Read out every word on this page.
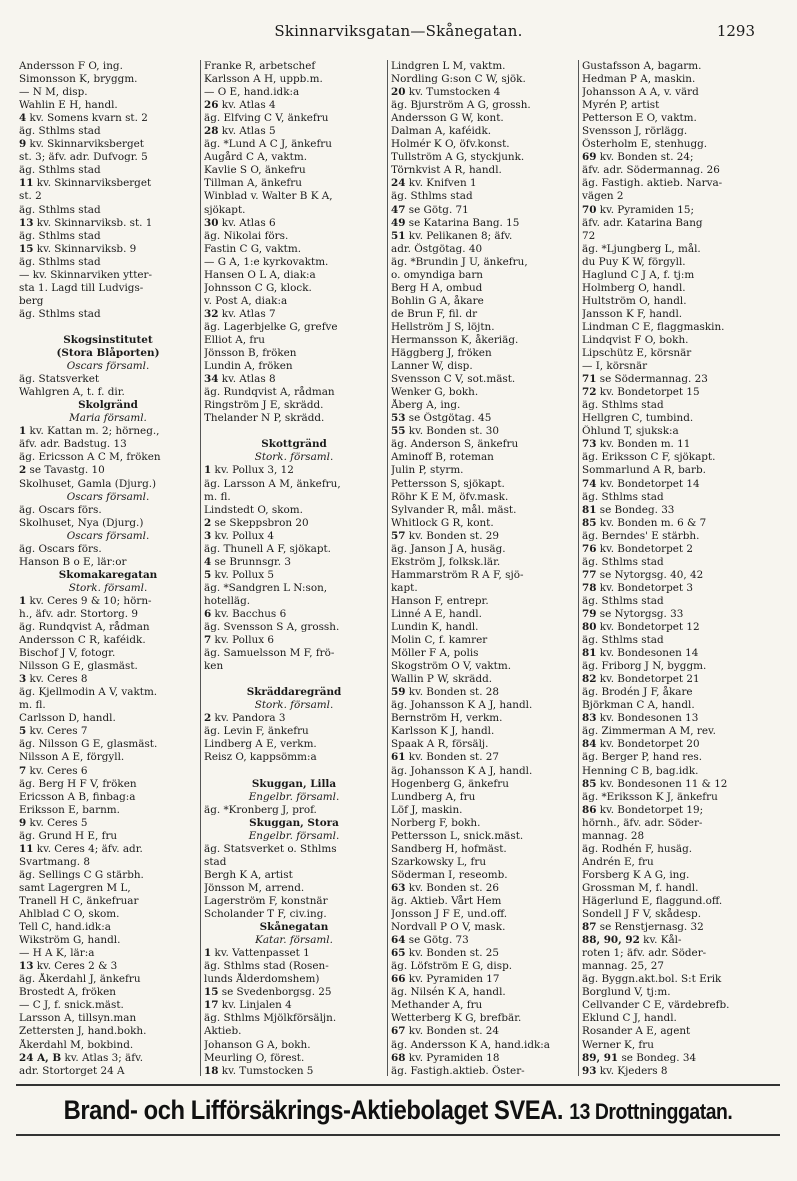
Skinnarviksgatan—Skånegatan.	1293
Andersson F O, ing.
Simonsson K, bryggm.
— N M, disp.
Wahlin E H, handl.
4 kv. Somens kvarn st. 2
äg. Sthlms stad
9 kv. Skinnarviksberget
st. 3; äfv. adr. Dufvogr. 5
äg. Sthlms stad
11 kv. Skinnarviksberget
st. 2
äg. Sthlms stad
13 kv. Skinnarviksb. st. 1
äg. Sthlms stad
15 kv. Skinnarviksb. 9
äg. Sthlms stad
— kv. Skinnarviken ytter-
sta 1. Lagd till Ludvigs-
berg
äg. Sthlms stad
Skogsinstitutet
(Stora Blåporten)
Oscars församl.
äg. Statsverket
Wahlgren A, t. f. dir.
Skolgränd
Maria församl.
1 kv. Kattan m. 2; hörneg.,
äfv. adr. Badstug. 13
äg. Ericsson A C M, fröken
2 se Tavastg. 10
Skolhuset, Gamla (Djurg.)
Oscars församl.
äg. Oscars förs.
Skolhuset, Nya (Djurg.)
Oscars församl.
äg. Oscars förs.
Hanson B o E, lär:or
Skomakaregatan
Stork. församl.
1 kv. Ceres 9 & 10; hörn-
h., äfv. adr. Stortorg. 9
äg. Rundqvist A, rådman
Andersson C R, kaféidk.
Bischof J V, fotogr.
Nilsson G E, glasmäst.
3 kv. Ceres 8
äg. Kjellmodin A V, vaktm.
m. fl.
Carlsson D, handl.
5 kv. Ceres 7
äg. Nilsson G E, glasmäst.
Nilsson A E, förgyll.
7 kv. Ceres 6
äg. Berg H F V, fröken
Ericsson A B, finbag:a
Eriksson E, barnm.
9 kv. Ceres 5
äg. Grund H E, fru
11 kv. Ceres 4; äfv. adr.
Svartmang. 8
äg. Sellings C G stärbh.
samt Lagergren M L,
Tranell H C, änkefruar
Ahlblad C O, skom.
Tell C, hand.idk:a
Wikström G, handl.
— H A K, lär:a
13 kv. Ceres 2 & 3
äg. Åkerdahl J, änkefru
Brostedt A, fröken
— C J, f. snick.mäst.
Larsson A, tillsyn.man
Zettersten J, hand.bokh.
Åkerdahl M, bokbind.
24 A, B kv. Atlas 3; äfv.
adr. Stortorget 24 A
Franke R, arbetschef
Karlsson A H, uppb.m.
— O E, hand.idk:a
26 kv. Atlas 4
äg. Elfving C V, änkefru
28 kv. Atlas 5
äg. *Lund A C J, änkefru
Augård C A, vaktm.
Kavlie S O, änkefru
Tillman A, änkefru
Winblad v. Walter B K A,
sjökapt.
30 kv. Atlas 6
äg. Nikolai förs.
Fastin C G, vaktm.
— G A, 1:e kyrkovaktm.
Hansen O L A, diak:a
Johnsson C G, klock.
v. Post A, diak:a
32 kv. Atlas 7
äg. Lagerbjelke G, grefve
Elliot A, fru
Jönsson B, fröken
Lundin A, fröken
34 kv. Atlas 8
äg. Rundqvist A, rådman
Ringström J E, skrädd.
Thelander N P, skrädd.
Skottgränd
Stork. församl.
1 kv. Pollux 3, 12
äg. Larsson A M, änkefru,
m. fl.
Lindstedt O, skom.
2 se Skeppsbron 20
3 kv. Pollux 4
äg. Thunell A F, sjökapt.
4 se Brunnsgr. 3
5 kv. Pollux 5
äg. *Sandgren L N:son,
hotelläg.
6 kv. Bacchus 6
äg. Svensson S A, grossh.
7 kv. Pollux 6
äg. Samuelsson M F, frö-
ken
Skräddaregränd
Stork. församl.
2 kv. Pandora 3
äg. Levin F, änkefru
Lindberg A E, verkm.
Reisz O, kappsömm:a
Skuggan, Lilla
Engelbr. församl.
äg. *Kronberg J, prof.
Skuggan, Stora
Engelbr. församl.
äg. Statsverket o. Sthlms
stad
Bergh K A, artist
Jönsson M, arrend.
Lagerström F, konstnär
Scholander T F, civ.ing.
Skånegatan
Katar. församl.
1 kv. Vattenpasset 1
äg. Sthlms stad (Rosen-
lunds Ålderdomshem)
15 se Svedenborgsg. 25
17 kv. Linjalen 4
äg. Sthlms Mjölkförsäljn.
Aktieb.
Johanson G A, bokh.
Meurling O, förest.
18 kv. Tumstocken 5
Lindgren L M, vaktm.
Nordling G:son C W, sjök.
20 kv. Tumstocken 4
äg. Bjurström A G, grossh.
Andersson G W, kont.
Dalman A, kaféidk.
Holmér K O, öfv.konst.
Tullström A G, styckjunk.
Törnkvist A R, handl.
24 kv. Knifven 1
äg. Sthlms stad
47 se Götg. 71
49 se Katarina Bang. 15
51 kv. Pelikanen 8; äfv.
adr. Östgötag. 40
äg. *Brundin J U, änkefru,
o. omyndiga barn
Berg H A, ombud
Bohlin G A, åkare
de Brun F, fil. dr
Hellström J S, löjtn.
Hermansson K, åkeriäg.
Häggberg J, fröken
Lanner W, disp.
Svensson C V, sot.mäst.
Wenker G, bokh.
Åberg A, ing.
53 se Östgötag. 45
55 kv. Bonden st. 30
äg. Anderson S, änkefru
Aminoff B, roteman
Julin P, styrm.
Pettersson S, sjökapt.
Röhr K E M, öfv.mask.
Sylvander R, mål. mäst.
Whitlock G R, kont.
57 kv. Bonden st. 29
äg. Janson J A, husäg.
Ekström J, folksk.lär.
Hammarström R A F, sjö-
kapt.
Hanson F, entrepr.
Linné A E, handl.
Lundin K, handl.
Molin C, f. kamrer
Möller F A, polis
Skogström O V, vaktm.
Wallin P W, skrädd.
59 kv. Bonden st. 28
äg. Johansson K A J, handl.
Bernström H, verkm.
Karlsson K J, handl.
Spaak A R, försälj.
61 kv. Bonden st. 27
äg. Johansson K A J, handl.
Hogenberg G, änkefru
Lundberg A, fru
Löf J, maskin.
Norberg F, bokh.
Pettersson L, snick.mäst.
Sandberg H, hofmäst.
Szarkowsky L, fru
Söderman I, reseomb.
63 kv. Bonden st. 26
äg. Aktieb. Vårt Hem
Jonsson J F E, und.off.
Nordvall P O V, mask.
64 se Götg. 73
65 kv. Bonden st. 25
äg. Löfström E G, disp.
66 kv. Pyramiden 17
äg. Nilsén K A, handl.
Methander A, fru
Wetterberg K G, brefbär.
67 kv. Bonden st. 24
äg. Andersson K A, hand.idk:a
68 kv. Pyramiden 18
äg. Fastigh.aktieb. Öster-
Gustafsson A, bagarm.
Hedman P A, maskin.
Johansson A A, v. värd
Myrén P, artist
Petterson E O, vaktm.
Svensson J, rörlägg.
Österholm E, stenhugg.
69 kv. Bonden st. 24;
äfv. adr. Södermannag. 26
äg. Fastigh. aktieb. Narva-
vägen 2
70 kv. Pyramiden 15;
äfv. adr. Katarina Bang
72
äg. *Ljungberg L, mål.
du Puy K W, förgyll.
Haglund C J A, f. tj:m
Holmberg O, handl.
Hultström O, handl.
Jansson K F, handl.
Lindman C E, flaggmaskin.
Lindqvist F O, bokh.
Lipschütz E, körsnär
— I, körsnär
71 se Södermannag. 23
72 kv. Bondetorpet 15
äg. Sthlms stad
Hellgren C, tumbind.
Öhlund T, sjuksk:a
73 kv. Bonden m. 11
äg. Eriksson C F, sjökapt.
Sommarlund A R, barb.
74 kv. Bondetorpet 14
äg. Sthlms stad
81 se Bondeg. 33
85 kv. Bonden m. 6 & 7
äg. Berndes' E stärbh.
76 kv. Bondetorpet 2
äg. Sthlms stad
77 se Nytorgsg. 40, 42
78 kv. Bondetorpet 3
äg. Sthlms stad
79 se Nytorgsg. 33
80 kv. Bondetorpet 12
äg. Sthlms stad
81 kv. Bondesonen 14
äg. Friborg J N, byggm.
82 kv. Bondetorpet 21
äg. Brodén J F, åkare
Björkman C A, handl.
83 kv. Bondesonen 13
äg. Zimmerman A M, rev.
84 kv. Bondetorpet 20
äg. Berger P, hand res.
Henning C B, bag.idk.
85 kv. Bondesonen 11 & 12
äg. *Eriksson K J, änkefru
86 kv. Bondetorpet 19;
hörnh., äfv. adr. Söder-
mannag. 28
äg. Rodhén F, husäg.
Andrén E, fru
Forsberg K A G, ing.
Grossman M, f. handl.
Hägerlund E, flaggund.off.
Sondell J F V, skådesp.
87 se Renstjernasg. 32
88, 90, 92 kv. Kål-
roten 1; äfv. adr. Söder-
mannag. 25, 27
äg. Byggn.akt.bol. S:t Erik
Borglund V, tj:m.
Cellvander C E, värdebrefb.
Eklund C J, handl.
Rosander A E, agent
Werner K, fru
89, 91 se Bondeg. 34
93 kv. Kjeders 8
Brand- och Lifförsäkrings-Aktiebolaget SVEA. 13 Drottninggatan.
